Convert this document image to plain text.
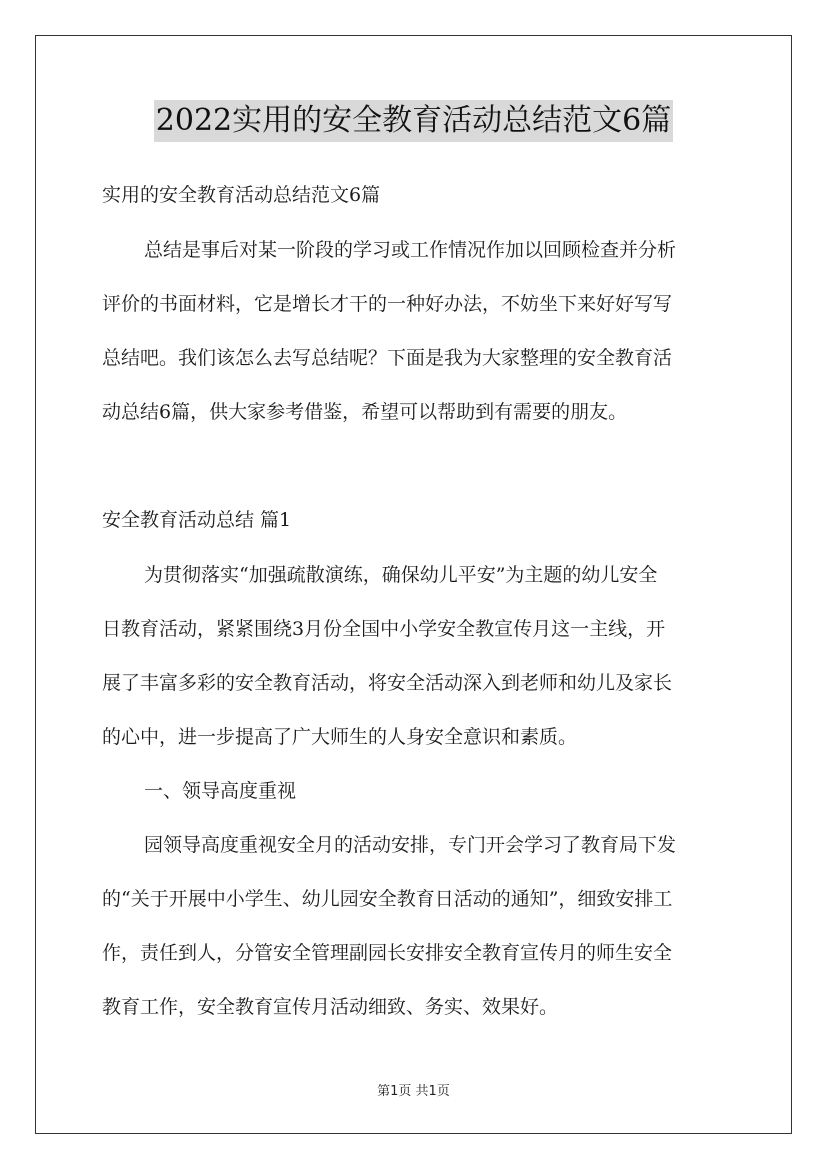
2022实用的安全教育活动总结范文6篇
实用的安全教育活动总结范文6篇
总结是事后对某一阶段的学习或工作情况作加以回顾检查并分析
评价的书面材料，它是增长才干的一种好办法，不妨坐下来好好写写
总结吧。我们该怎么去写总结呢？下面是我为大家整理的安全教育活
动总结6篇，供大家参考借鉴，希望可以帮助到有需要的朋友。
安全教育活动总结 篇1
为贯彻落实“加强疏散演练，确保幼儿平安”为主题的幼儿安全
日教育活动，紧紧围绕3月份全国中小学安全教宣传月这一主线，开
展了丰富多彩的安全教育活动，将安全活动深入到老师和幼儿及家长
的心中，进一步提高了广大师生的人身安全意识和素质。
一、领导高度重视
园领导高度重视安全月的活动安排，专门开会学习了教育局下发
的“关于开展中小学生、幼儿园安全教育日活动的通知”，细致安排工
作，责任到人，分管安全管理副园长安排安全教育宣传月的师生安全
教育工作，安全教育宣传月活动细致、务实、效果好。
第1页 共1页
